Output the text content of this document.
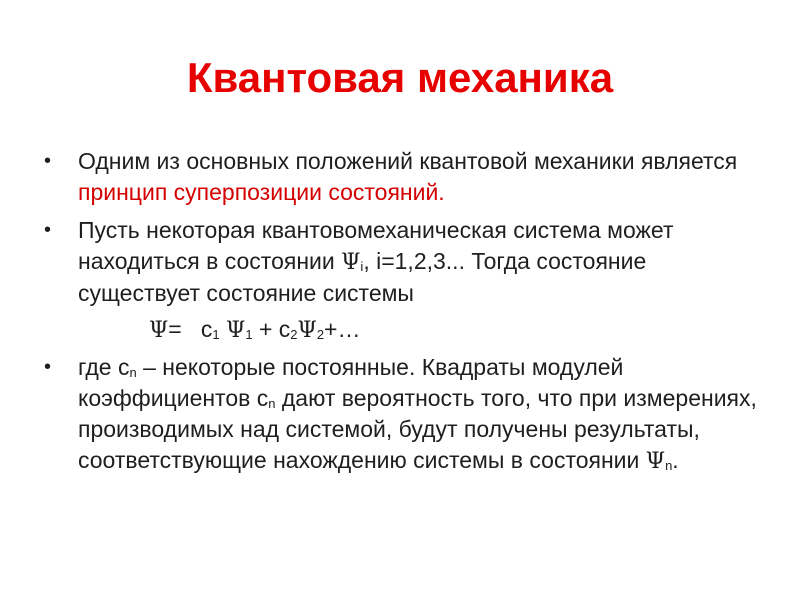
Квантовая механика
• Одним из основных положений квантовой механики является принцип суперпозиции состояний.
• Пусть некоторая квантовомеханическая система может находиться в состоянии Ψi, i=1,2,3... Тогда состояние существует состояние системы
Ψ= c1 Ψ1 + c2Ψ2+…
• где cn – некоторые постоянные. Квадраты модулей коэффициентов cn дают вероятность того, что при измерениях, производимых над системой, будут получены результаты, соответствующие нахождению системы в состоянии Ψn.
